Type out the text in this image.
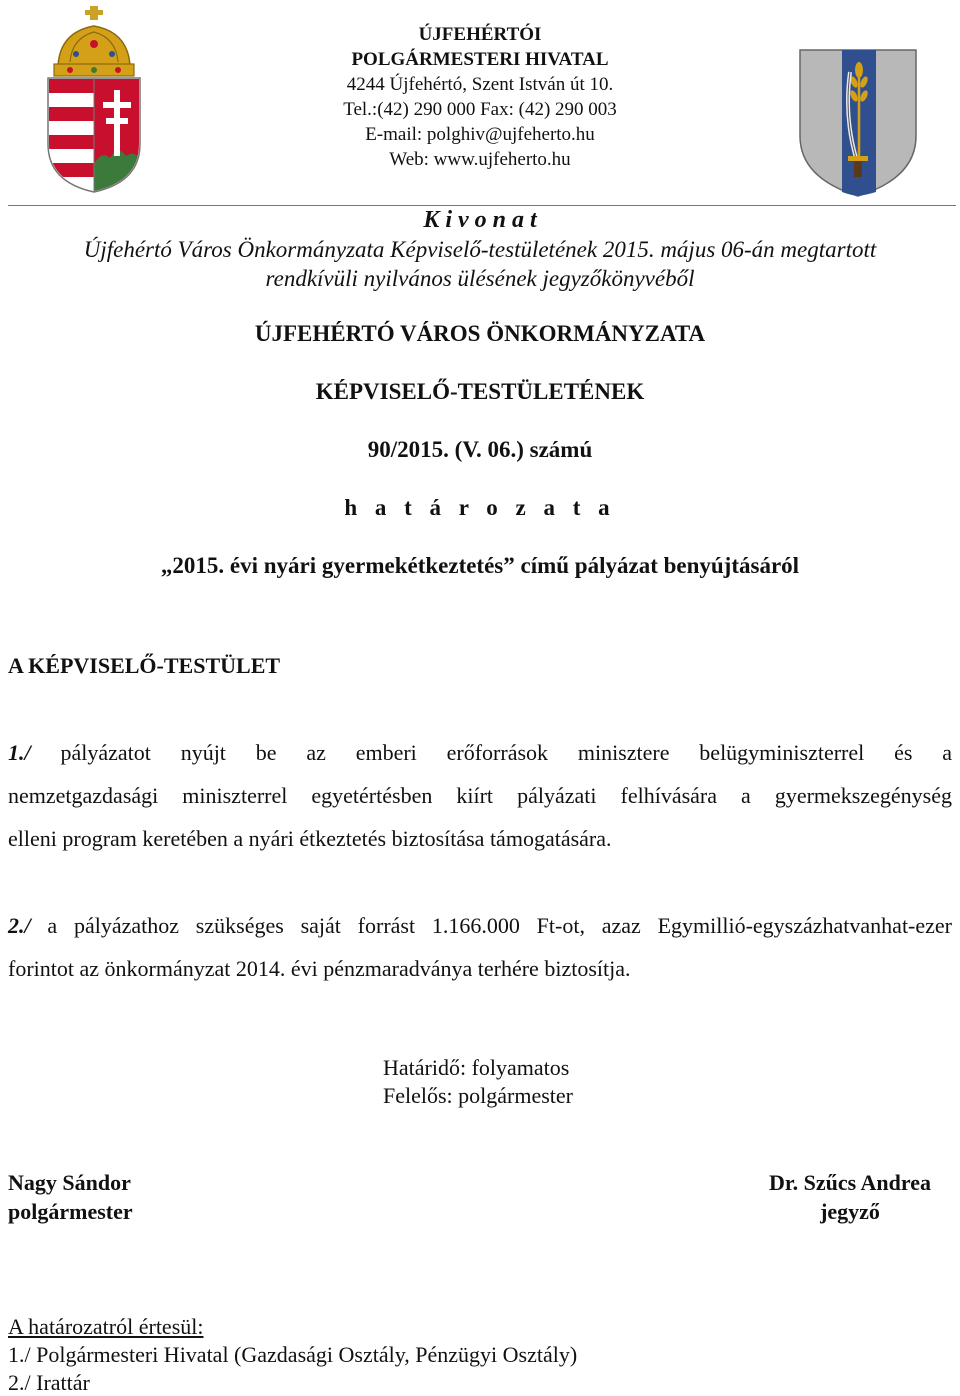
ÚJFEHÉRTÓI
POLGÁRMESTERI HIVATAL
4244 Újfehértó, Szent István út 10.
Tel.:(42) 290 000 Fax: (42) 290 003
E-mail: polghiv@ujfeherto.hu
Web: www.ujfeherto.hu
K i v o n a t
Újfehértó Város Önkormányzata Képviselő-testületének 2015. május 06-án megtartott
rendkívüli nyilvános ülésének jegyzőkönyvéből
ÚJFEHÉRTÓ VÁROS ÖNKORMÁNYZATA
KÉPVISELŐ-TESTÜLETÉNEK
90/2015. (V. 06.) számú
h a t á r o z a t a
„2015. évi nyári gyermekétkeztetés” című pályázat benyújtásáról
A KÉPVISELŐ-TESTÜLET
1./ pályázatot nyújt be az emberi erőforrások minisztere belügyminiszterrel és a
nemzetgazdasági miniszterrel egyetértésben kiírt pályázati felhívására a gyermekszegénység
elleni program keretében a nyári étkeztetés biztosítása támogatására.
2./ a pályázathoz szükséges saját forrást 1.166.000 Ft-ot, azaz Egymillió-egyszázhatvanhat-ezer
forintot az önkormányzat 2014. évi pénzmaradványa terhére biztosítja.
Határidő: folyamatos
Felelős: polgármester
Nagy Sándor
polgármester
Dr. Szűcs Andrea
jegyző
A határozatról értesül:
1./ Polgármesteri Hivatal (Gazdasági Osztály, Pénzügyi Osztály)
2./ Irattár
